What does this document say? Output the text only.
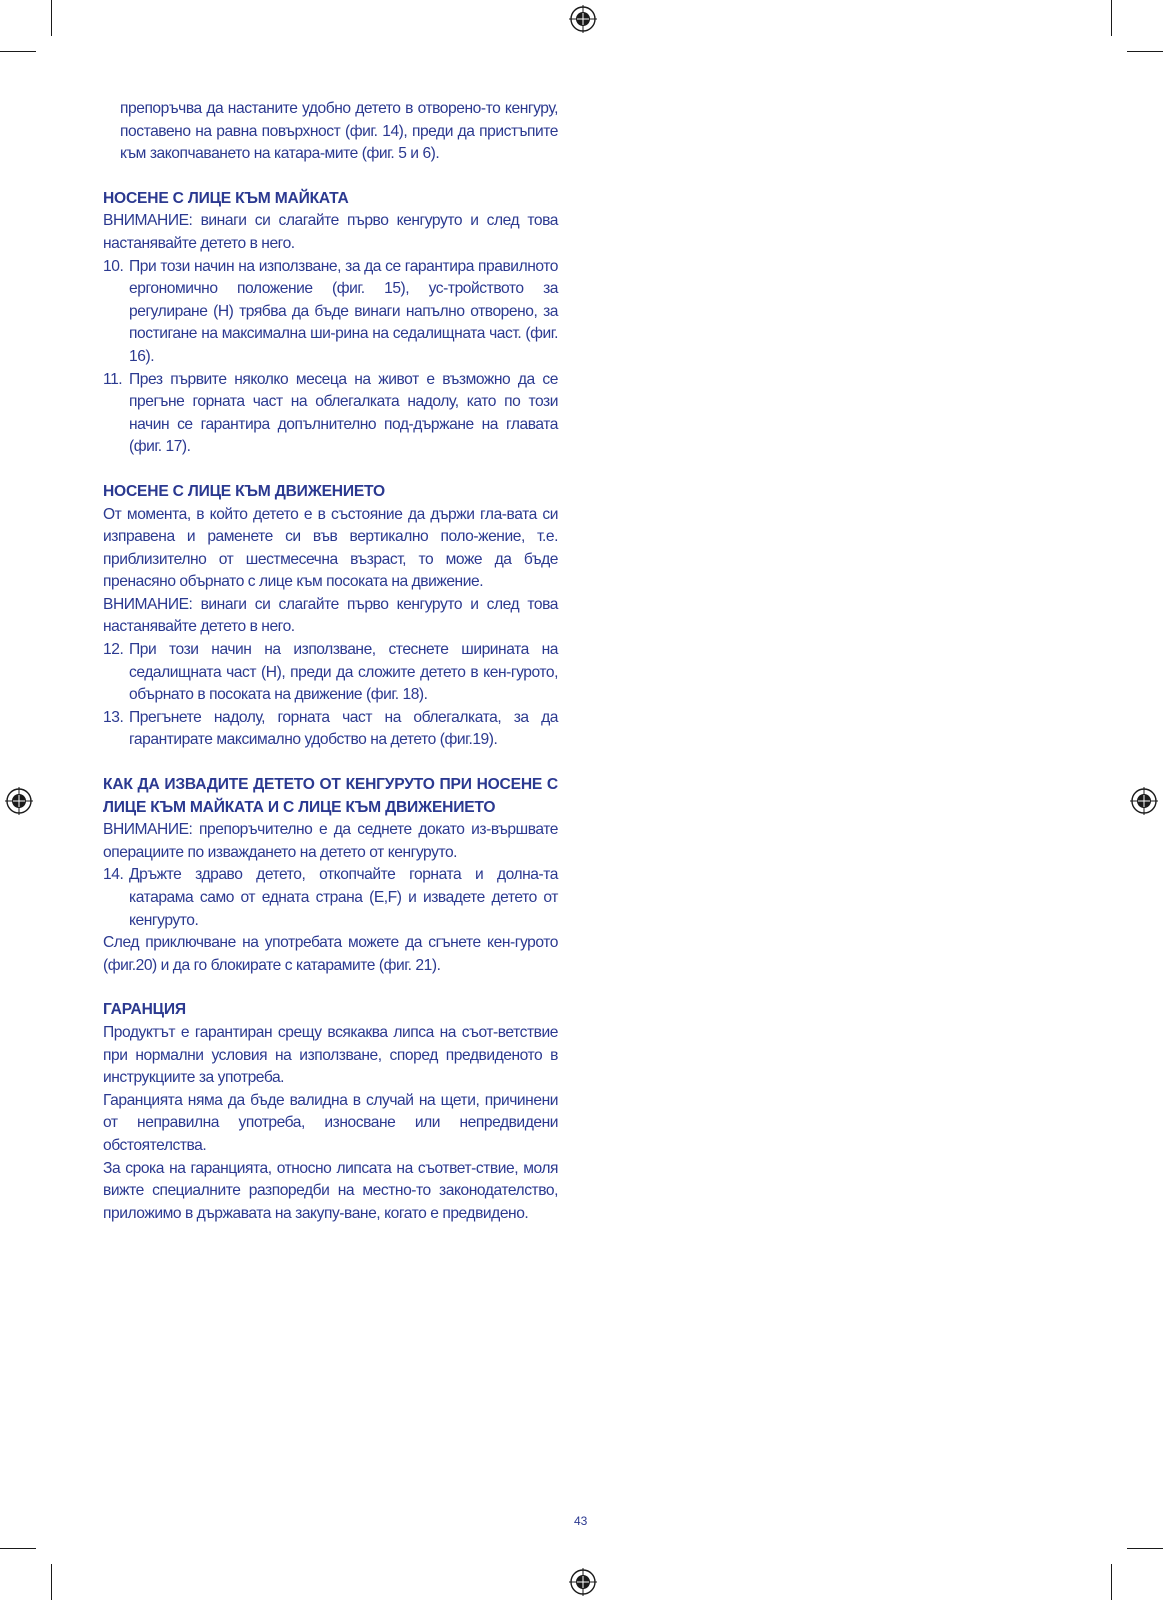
препоръчва да настаните удобно детето в отворено-то кенгуру, поставено на равна повърхност (фиг. 14), преди да пристъпите към закопчаването на катара-мите (фиг. 5 и 6).

НОСЕНЕ С ЛИЦЕ КЪМ МАЙКАТА

ВНИМАНИЕ: винаги си слагайте първо кенгуруто и след това настанявайте детето в него.

10. При този начин на използване, за да се гарантира правилното ергономично положение (фиг. 15), ус-тройството за регулиране (H) трябва да бъде винаги напълно отворено, за постигане на максимална ши-рина на седалищната част. (фиг. 16).
11. През първите няколко месеца на живот е възможно да се прегъне горната част на облегалката надолу, като по този начин се гарантира допълнително под-държане на главата (фиг. 17).
НОСЕНЕ С ЛИЦЕ КЪМ ДВИЖЕНИЕТО

От момента, в който детето е в състояние да държи гла-вата си изправена и раменете си във вертикално поло-жение, т.е. приблизително от шестмесечна възраст, то може да бъде пренасяно обърнато с лице към посоката на движение.

ВНИМАНИЕ: винаги си слагайте първо кенгуруто и след това настанявайте детето в него.

12. При този начин на използване, стеснете ширината на седалищната част (H), преди да сложите детето в кен-гурото, обърнато в посоката на движение (фиг. 18).
13. Прегънете надолу, горната част на облегалката, за да гарантирате максимално удобство на детето (фиг.19).
КАК ДА ИЗВАДИТЕ ДЕТЕТО ОТ КЕНГУРУТО ПРИ НОСЕНЕ С ЛИЦЕ КЪМ МАЙКАТА И С ЛИЦЕ КЪМ ДВИЖЕНИЕТО

ВНИМАНИЕ: препоръчително е да седнете докато из-вършвате операциите по изваждането на детето от кенгуруто.

14. Дръжте здраво детето, откопчайте горната и долна-та катарама само от едната страна (E,F) и извадете детето от кенгуруто.

След приключване на употребата можете да сгънете кен-гурото (фиг.20) и да го блокирате с катарамите (фиг. 21).

ГАРАНЦИЯ

Продуктът е гарантиран срещу всякаква липса на съот-ветствие при нормални условия на използване, според предвиденото в инструкциите за употреба.

Гаранцията няма да бъде валидна в случай на щети, причинени от неправилна употреба, износване или непредвидени обстоятелства.

За срока на гаранцията, относно липсата на съответ-ствие, моля вижте специалните разпоредби на местно-то законодателство, приложимо в държавата на закупу-ване, когато е предвидено.

43
